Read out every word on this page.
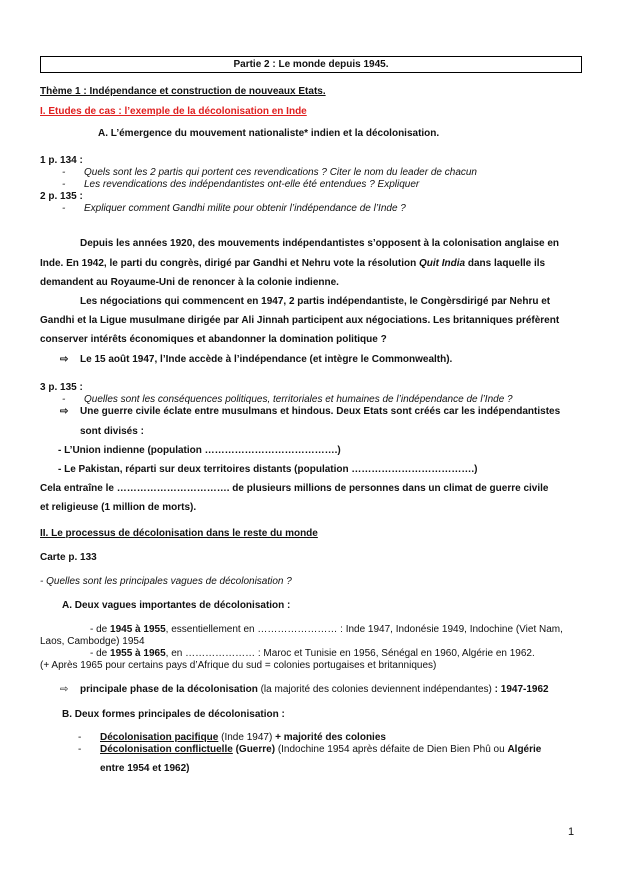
Partie 2 : Le monde depuis 1945.
Thème 1 : Indépendance et construction de nouveaux Etats.
I. Etudes de cas : l’exemple de la décolonisation en Inde
A. L’émergence du mouvement nationaliste* indien et la décolonisation.
1 p. 134 :
- Quels sont les 2 partis qui portent ces revendications ? Citer le nom du leader de chacun
- Les revendications des indépendantistes ont-elle été entendues ? Expliquer
2 p. 135 :
- Expliquer comment Gandhi milite pour obtenir l’indépendance de l’Inde ?
Depuis les années 1920, des mouvements indépendantistes s’opposent à la colonisation anglaise en
Inde. En 1942, le parti du congrès, dirigé par Gandhi et Nehru vote la résolution Quit India dans laquelle ils
demandent au Royaume-Uni de renoncer à la colonie indienne.
Les négociations qui commencent en 1947, 2 partis indépendantiste, le Congèrsdirigé par Nehru et
Gandhi et la Ligue musulmane dirigée par Ali Jinnah participent aux négociations. Les britanniques préfèrent
conserver intérêts économiques et abandonner la domination politique ?
⇨ Le 15 août 1947, l’Inde accède à l’indépendance (et intègre le Commonwealth).
3 p. 135 :
- Quelles sont les conséquences politiques, territoriales et humaines de l’indépendance de l’Inde ?
⇨ Une guerre civile éclate entre musulmans et hindous. Deux Etats sont créés car les indépendantistes
sont divisés :
- L’Union indienne (population ………………………………….)
- Le Pakistan, réparti sur deux territoires distants (population ……………………………….)
Cela entraîne le ……………………………. de plusieurs millions de personnes dans un climat de guerre civile
et religieuse (1 million de morts).
II. Le processus de décolonisation dans le reste du monde
Carte p. 133
- Quelles sont les principales vagues de décolonisation ?
A. Deux vagues importantes de décolonisation :
- de 1945 à 1955, essentiellement en …………………… : Inde 1947, Indonésie 1949, Indochine (Viet Nam,
Laos, Cambodge) 1954
- de 1955 à 1965, en ………………… : Maroc et Tunisie en 1956, Sénégal en 1960, Algérie en 1962.
(+ Après 1965 pour certains pays d’Afrique du sud = colonies portugaises et britanniques)
⇨ principale phase de la décolonisation (la majorité des colonies deviennent indépendantes) : 1947-1962
B. Deux formes principales de décolonisation :
- Décolonisation pacifique (Inde 1947) + majorité des colonies
- Décolonisation conflictuelle (Guerre) (Indochine 1954 après défaite de Dien Bien Phû ou Algérie
entre 1954 et 1962)
1
